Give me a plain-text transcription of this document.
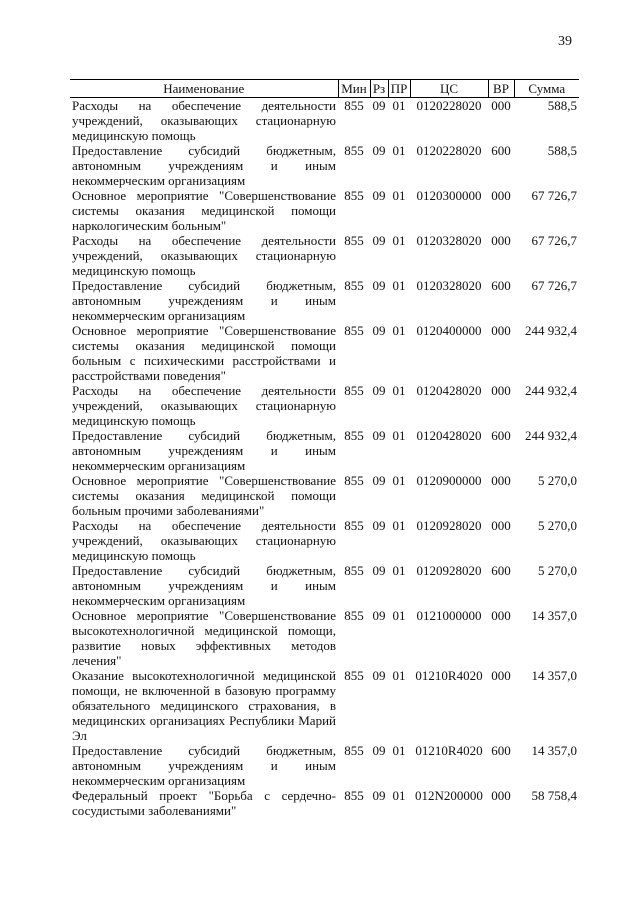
39
Наименование	Мин	Рз	ПР	ЦС	ВР	Сумма
Расходы на обеспечение деятельности учреждений, оказывающих стационарную медицинскую помощь	855	09	01	0120228020	000	588,5
Предоставление субсидий бюджетным, автономным учреждениям и иным некоммерческим организациям	855	09	01	0120228020	600	588,5
Основное мероприятие "Совершенствование системы оказания медицинской помощи наркологическим больным"	855	09	01	0120300000	000	67 726,7
Расходы на обеспечение деятельности учреждений, оказывающих стационарную медицинскую помощь	855	09	01	0120328020	000	67 726,7
Предоставление субсидий бюджетным, автономным учреждениям и иным некоммерческим организациям	855	09	01	0120328020	600	67 726,7
Основное мероприятие "Совершенствование системы оказания медицинской помощи больным с психическими расстройствами и расстройствами поведения"	855	09	01	0120400000	000	244 932,4
Расходы на обеспечение деятельности учреждений, оказывающих стационарную медицинскую помощь	855	09	01	0120428020	000	244 932,4
Предоставление субсидий бюджетным, автономным учреждениям и иным некоммерческим организациям	855	09	01	0120428020	600	244 932,4
Основное мероприятие "Совершенствование системы оказания медицинской помощи больным прочими заболеваниями"	855	09	01	0120900000	000	5 270,0
Расходы на обеспечение деятельности учреждений, оказывающих стационарную медицинскую помощь	855	09	01	0120928020	000	5 270,0
Предоставление субсидий бюджетным, автономным учреждениям и иным некоммерческим организациям	855	09	01	0120928020	600	5 270,0
Основное мероприятие "Совершенствование высокотехнологичной медицинской помощи, развитие новых эффективных методов лечения"	855	09	01	0121000000	000	14 357,0
Оказание высокотехнологичной медицинской помощи, не включенной в базовую программу обязательного медицинского страхования, в медицинских организациях Республики Марий Эл	855	09	01	01210R4020	000	14 357,0
Предоставление субсидий бюджетным, автономным учреждениям и иным некоммерческим организациям	855	09	01	01210R4020	600	14 357,0
Федеральный проект "Борьба с сердечно-сосудистыми заболеваниями"	855	09	01	012N200000	000	58 758,4
